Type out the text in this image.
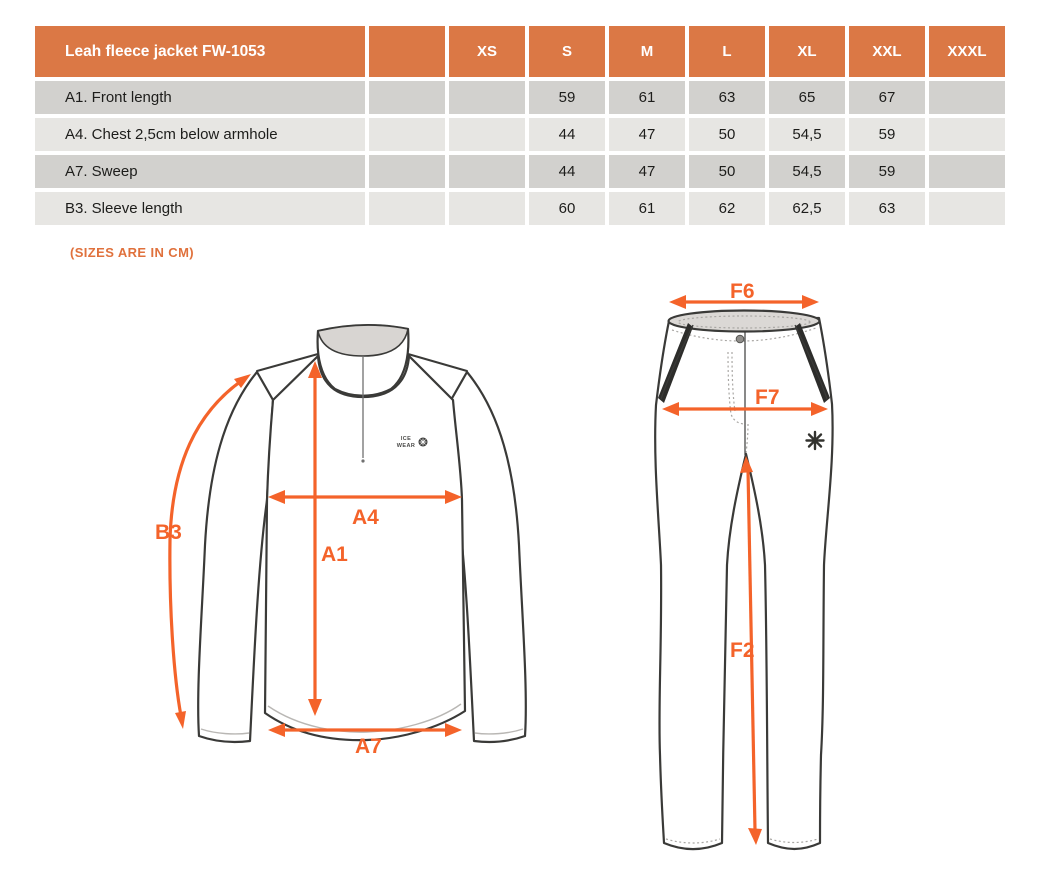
Leah fleece jacket FW-1053		XS	S	M	L	XL	XXL	XXXL
A1. Front length			59	61	63	65	67	
A4. Chest 2,5cm below armhole			44	47	50	54,5	59	
A7. Sweep			44	47	50	54,5	59	
B3. Sleeve length			60	61	62	62,5	63	
(SIZES ARE IN CM)
ICE
WEAR
B3
A4
A1
A7
F6
F7
F2
